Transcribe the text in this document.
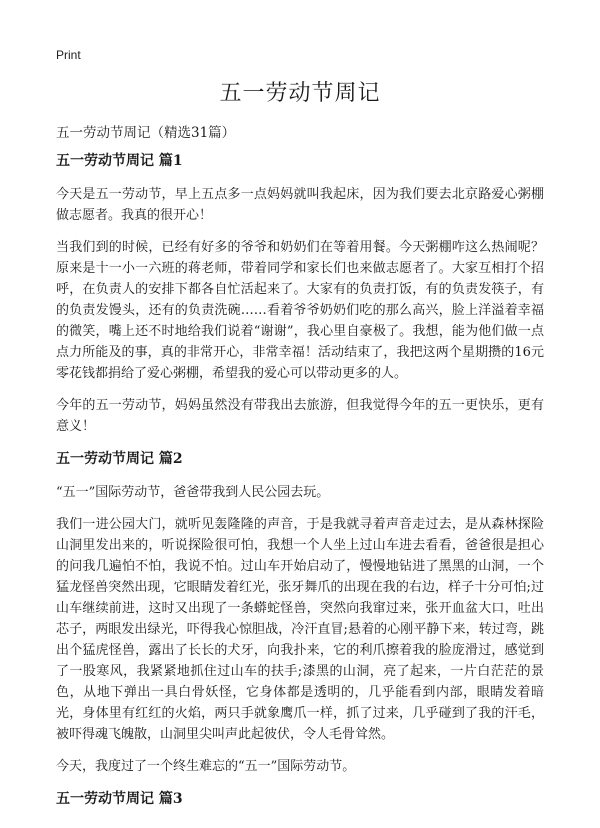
Print
五一劳动节周记

五一劳动节周记（精选31篇）

五一劳动节周记 篇1

今天是五一劳动节，早上五点多一点妈妈就叫我起床，因为我们要去北京路爱心粥棚做志愿者。我真的很开心！

当我们到的时候，已经有好多的爷爷和奶奶们在等着用餐。今天粥棚咋这么热闹呢？原来是十一小一六班的蒋老师，带着同学和家长们也来做志愿者了。大家互相打个招呼，在负责人的安排下都各自忙活起来了。大家有的负责打饭，有的负责发筷子，有的负责发馒头，还有的负责洗碗……看着爷爷奶奶们吃的那么高兴，脸上洋溢着幸福的微笑，嘴上还不时地给我们说着“谢谢”，我心里自豪极了。我想，能为他们做一点点力所能及的事，真的非常开心，非常幸福！活动结束了，我把这两个星期攒的16元零花钱都捐给了爱心粥棚，希望我的爱心可以带动更多的人。

今年的五一劳动节，妈妈虽然没有带我出去旅游，但我觉得今年的五一更快乐，更有意义！

五一劳动节周记 篇2

“五一”国际劳动节，爸爸带我到人民公园去玩。

我们一进公园大门，就听见轰隆隆的声音，于是我就寻着声音走过去，是从森林探险山洞里发出来的，听说探险很可怕，我想一个人坐上过山车进去看看，爸爸很是担心的问我几遍怕不怕，我说不怕。过山车开始启动了，慢慢地钻进了黑黑的山洞，一个猛龙怪兽突然出现，它眼睛发着红光，张牙舞爪的出现在我的右边，样子十分可怕;过山车继续前进，这时又出现了一条蟒蛇怪兽，突然向我窜过来，张开血盆大口，吐出芯子，两眼发出绿光，吓得我心惊胆战，冷汗直冒;悬着的心刚平静下来，转过弯，跳出个猛虎怪兽，露出了长长的犬牙，向我扑来，它的利爪擦着我的脸庞滑过，感觉到了一股寒风，我紧紧地抓住过山车的扶手;漆黑的山洞，亮了起来，一片白茫茫的景色，从地下弹出一具白骨妖怪，它身体都是透明的，几乎能看到内部，眼睛发着暗光，身体里有红红的火焰，两只手就象鹰爪一样，抓了过来，几乎碰到了我的汗毛，被吓得魂飞魄散，山洞里尖叫声此起彼伏，令人毛骨耸然。

今天，我度过了一个终生难忘的“五一”国际劳动节。

五一劳动节周记 篇3
